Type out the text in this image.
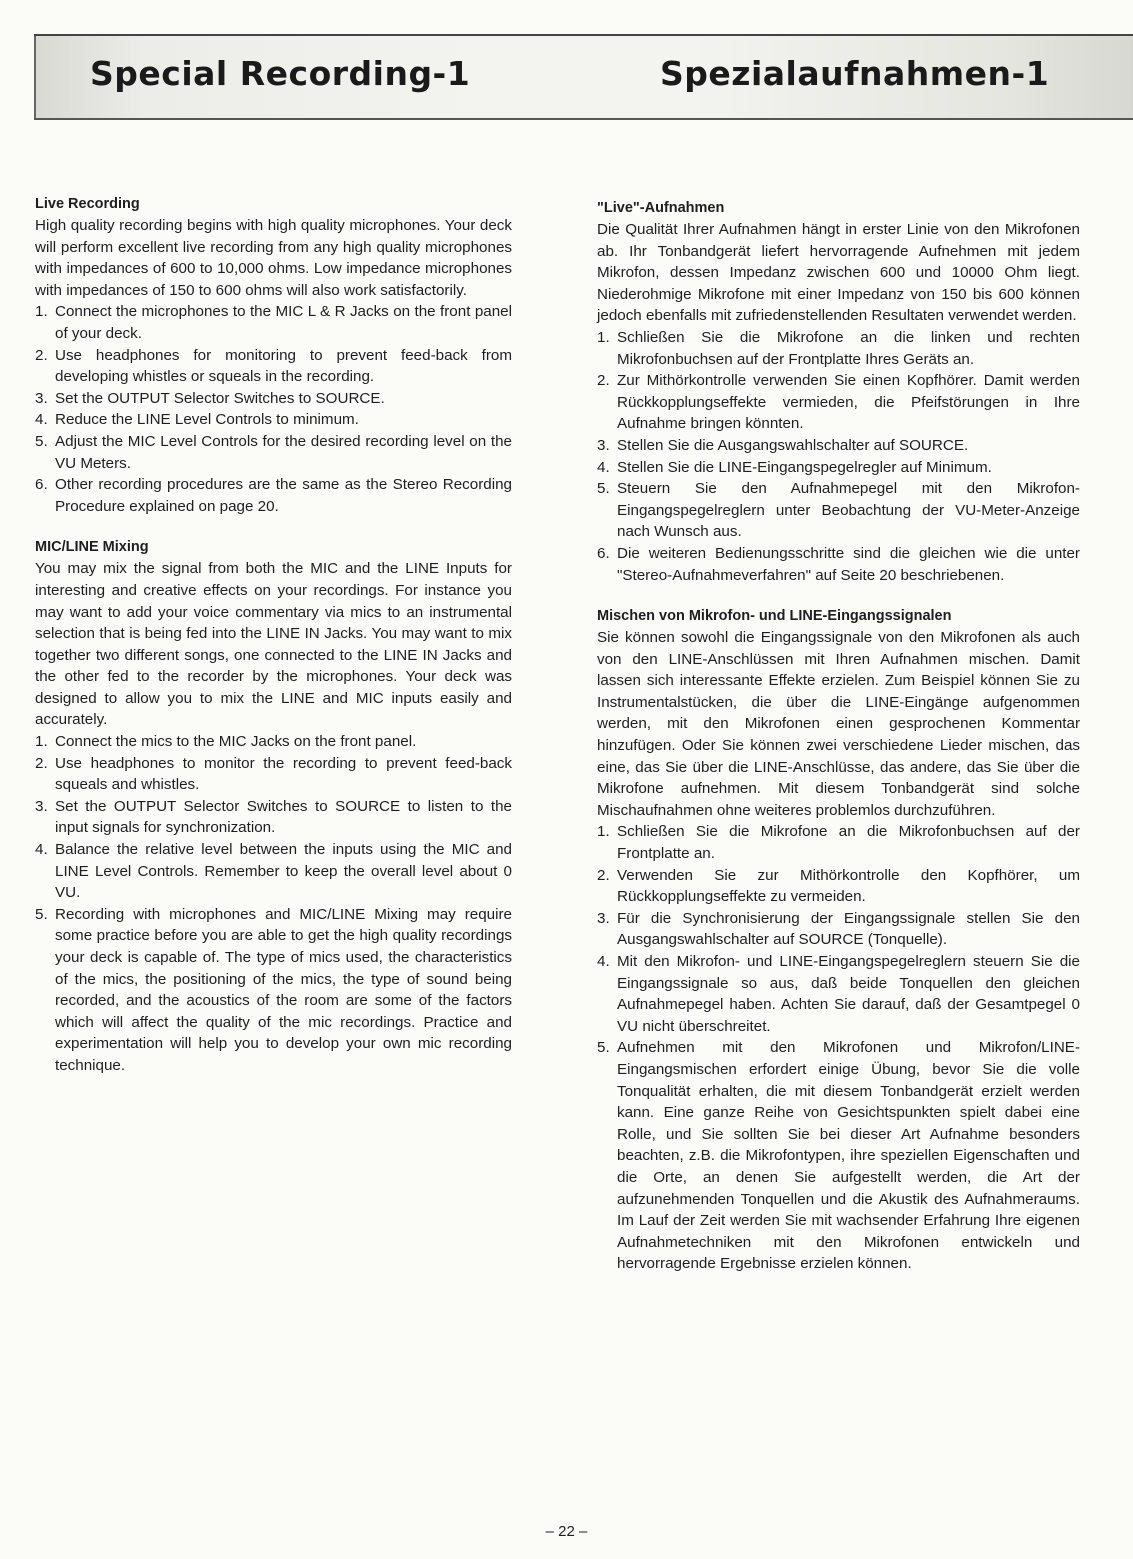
Special Recording-1	Spezialaufnahmen-1
Live Recording

High quality recording begins with high quality microphones. Your deck will perform excellent live recording from any high quality microphones with impedances of 600 to 10,000 ohms. Low impedance microphones with impedances of 150 to 600 ohms will also work satisfactorily.

1. Connect the microphones to the MIC L & R Jacks on the front panel of your deck.
2. Use headphones for monitoring to prevent feed-back from developing whistles or squeals in the recording.
3. Set the OUTPUT Selector Switches to SOURCE.
4. Reduce the LINE Level Controls to minimum.
5. Adjust the MIC Level Controls for the desired recording level on the VU Meters.
6. Other recording procedures are the same as the Stereo Recording Procedure explained on page 20.
MIC/LINE Mixing

You may mix the signal from both the MIC and the LINE Inputs for interesting and creative effects on your recordings. For instance you may want to add your voice commentary via mics to an instrumental selection that is being fed into the LINE IN Jacks. You may want to mix together two different songs, one connected to the LINE IN Jacks and the other fed to the recorder by the microphones. Your deck was designed to allow you to mix the LINE and MIC inputs easily and accurately.

1. Connect the mics to the MIC Jacks on the front panel.
2. Use headphones to monitor the recording to prevent feed-back squeals and whistles.
3. Set the OUTPUT Selector Switches to SOURCE to listen to the input signals for synchronization.
4. Balance the relative level between the inputs using the MIC and LINE Level Controls. Remember to keep the overall level about 0 VU.
5. Recording with microphones and MIC/LINE Mixing may require some practice before you are able to get the high quality recordings your deck is capable of. The type of mics used, the characteristics of the mics, the positioning of the mics, the type of sound being recorded, and the acoustics of the room are some of the factors which will affect the quality of the mic recordings. Practice and experimentation will help you to develop your own mic recording technique.
"Live"-Aufnahmen

Die Qualität Ihrer Aufnahmen hängt in erster Linie von den Mikrofonen ab. Ihr Tonbandgerät liefert hervorragende Aufnehmen mit jedem Mikrofon, dessen Impedanz zwischen 600 und 10000 Ohm liegt. Niederohmige Mikrofone mit einer Impedanz von 150 bis 600 können jedoch ebenfalls mit zufriedenstellenden Resultaten verwendet werden.

1. Schließen Sie die Mikrofone an die linken und rechten Mikrofonbuchsen auf der Frontplatte Ihres Geräts an.
2. Zur Mithörkontrolle verwenden Sie einen Kopfhörer. Damit werden Rückkopplungseffekte vermieden, die Pfeifstörungen in Ihre Aufnahme bringen könnten.
3. Stellen Sie die Ausgangswahlschalter auf SOURCE.
4. Stellen Sie die LINE-Eingangspegelregler auf Minimum.
5. Steuern Sie den Aufnahmepegel mit den Mikrofon-Eingangspegelreglern unter Beobachtung der VU-Meter-Anzeige nach Wunsch aus.
6. Die weiteren Bedienungsschritte sind die gleichen wie die unter "Stereo-Aufnahmeverfahren" auf Seite 20 beschriebenen.
Mischen von Mikrofon- und LINE-Eingangssignalen

Sie können sowohl die Eingangssignale von den Mikrofonen als auch von den LINE-Anschlüssen mit Ihren Aufnahmen mischen. Damit lassen sich interessante Effekte erzielen. Zum Beispiel können Sie zu Instrumentalstücken, die über die LINE-Eingänge aufgenommen werden, mit den Mikrofonen einen gesprochenen Kommentar hinzufügen. Oder Sie können zwei verschiedene Lieder mischen, das eine, das Sie über die LINE-Anschlüsse, das andere, das Sie über die Mikrofone aufnehmen. Mit diesem Tonbandgerät sind solche Mischaufnahmen ohne weiteres problemlos durchzuführen.

1. Schließen Sie die Mikrofone an die Mikrofonbuchsen auf der Frontplatte an.
2. Verwenden Sie zur Mithörkontrolle den Kopfhörer, um Rückkopplungseffekte zu vermeiden.
3. Für die Synchronisierung der Eingangssignale stellen Sie den Ausgangswahlschalter auf SOURCE (Tonquelle).
4. Mit den Mikrofon- und LINE-Eingangspegelreglern steuern Sie die Eingangssignale so aus, daß beide Tonquellen den gleichen Aufnahmepegel haben. Achten Sie darauf, daß der Gesamtpegel 0 VU nicht überschreitet.
5. Aufnehmen mit den Mikrofonen und Mikrofon/LINE-Eingangsmischen erfordert einige Übung, bevor Sie die volle Tonqualität erhalten, die mit diesem Tonbandgerät erzielt werden kann. Eine ganze Reihe von Gesichtspunkten spielt dabei eine Rolle, und Sie sollten Sie bei dieser Art Aufnahme besonders beachten, z.B. die Mikrofontypen, ihre speziellen Eigenschaften und die Orte, an denen Sie aufgestellt werden, die Art der aufzunehmenden Tonquellen und die Akustik des Aufnahmeraums. Im Lauf der Zeit werden Sie mit wachsender Erfahrung Ihre eigenen Aufnahmetechniken mit den Mikrofonen entwickeln und hervorragende Ergebnisse erzielen können.
– 22 –
